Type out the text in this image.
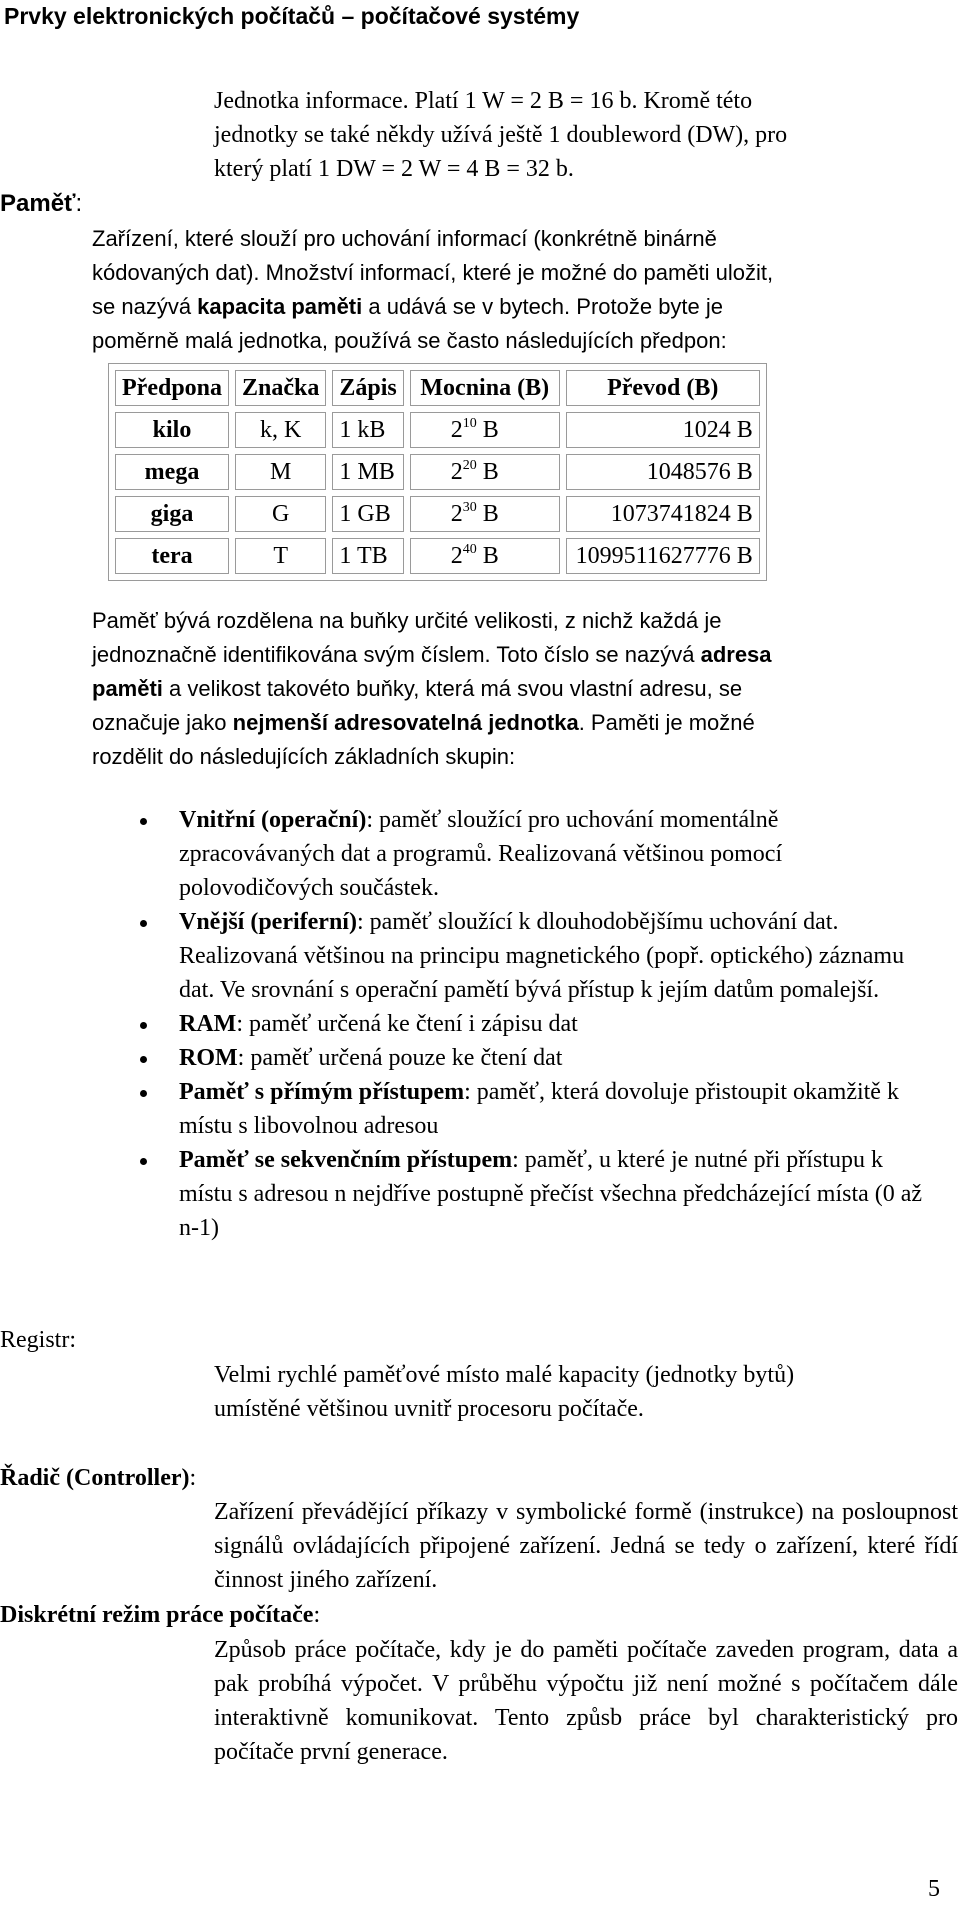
Prvky elektronických počítačů – počítačové systémy
Jednotka informace. Platí 1 W = 2 B = 16 b. Kromě této
jednotky se také někdy užívá ještě 1 doubleword (DW), pro
který platí 1 DW = 2 W = 4 B = 32 b.
Paměť:
Zařízení, které slouží pro uchování informací (konkrétně binárně
kódovaných dat). Množství informací, které je možné do paměti uložit,
se nazývá kapacita paměti a udává se v bytech. Protože byte je
poměrně malá jednotka, používá se často následujících předpon:
Předpona	Značka	Zápis	Mocnina (B)	Převod (B)
kilo	k, K	1 kB	$2^{10}$ B	1024 B
mega	M	1 MB	$2^{20}$ B	1048576 B
giga	G	1 GB	$2^{30}$ B	1073741824 B
tera	T	1 TB	$2^{40}$ B	1099511627776 B
Paměť bývá rozdělena na buňky určité velikosti, z nichž každá je
jednoznačně identifikována svým číslem. Toto číslo se nazývá adresa
paměti a velikost takovéto buňky, která má svou vlastní adresu, se
označuje jako nejmenší adresovatelná jednotka. Paměti je možné
rozdělit do následujících základních skupin:
Vnitřní (operační): paměť sloužící pro uchování momentálně zpracovávaných dat a programů. Realizovaná většinou pomocí polovodičových součástek.
Vnější (periferní): paměť sloužící k dlouhodobějšímu uchování dat. Realizovaná většinou na principu magnetického (popř. optického) záznamu dat. Ve srovnání s operační pamětí bývá přístup k jejím datům pomalejší.
RAM: paměť určená ke čtení i zápisu dat
ROM: paměť určená pouze ke čtení dat
Paměť s přímým přístupem: paměť, která dovoluje přistoupit okamžitě k místu s libovolnou adresou
Paměť se sekvenčním přístupem: paměť, u které je nutné při přístupu k místu s adresou n nejdříve postupně přečíst všechna předcházející místa (0 až n-1)
Registr:
Velmi rychlé paměťové místo malé kapacity (jednotky bytů)
umístěné většinou uvnitř procesoru počítače.
Řadič (Controller):
Zařízení převádějící příkazy v symbolické formě (instrukce) na posloupnost signálů ovládajících připojené zařízení. Jedná se tedy o zařízení, které řídí činnost jiného zařízení.
Diskrétní režim práce počítače:
Způsob práce počítače, kdy je do paměti počítače zaveden program, data a pak probíhá výpočet. V průběhu výpočtu již není možné s počítačem dále interaktivně komunikovat. Tento způsb práce byl charakteristický pro počítače první generace.
5
